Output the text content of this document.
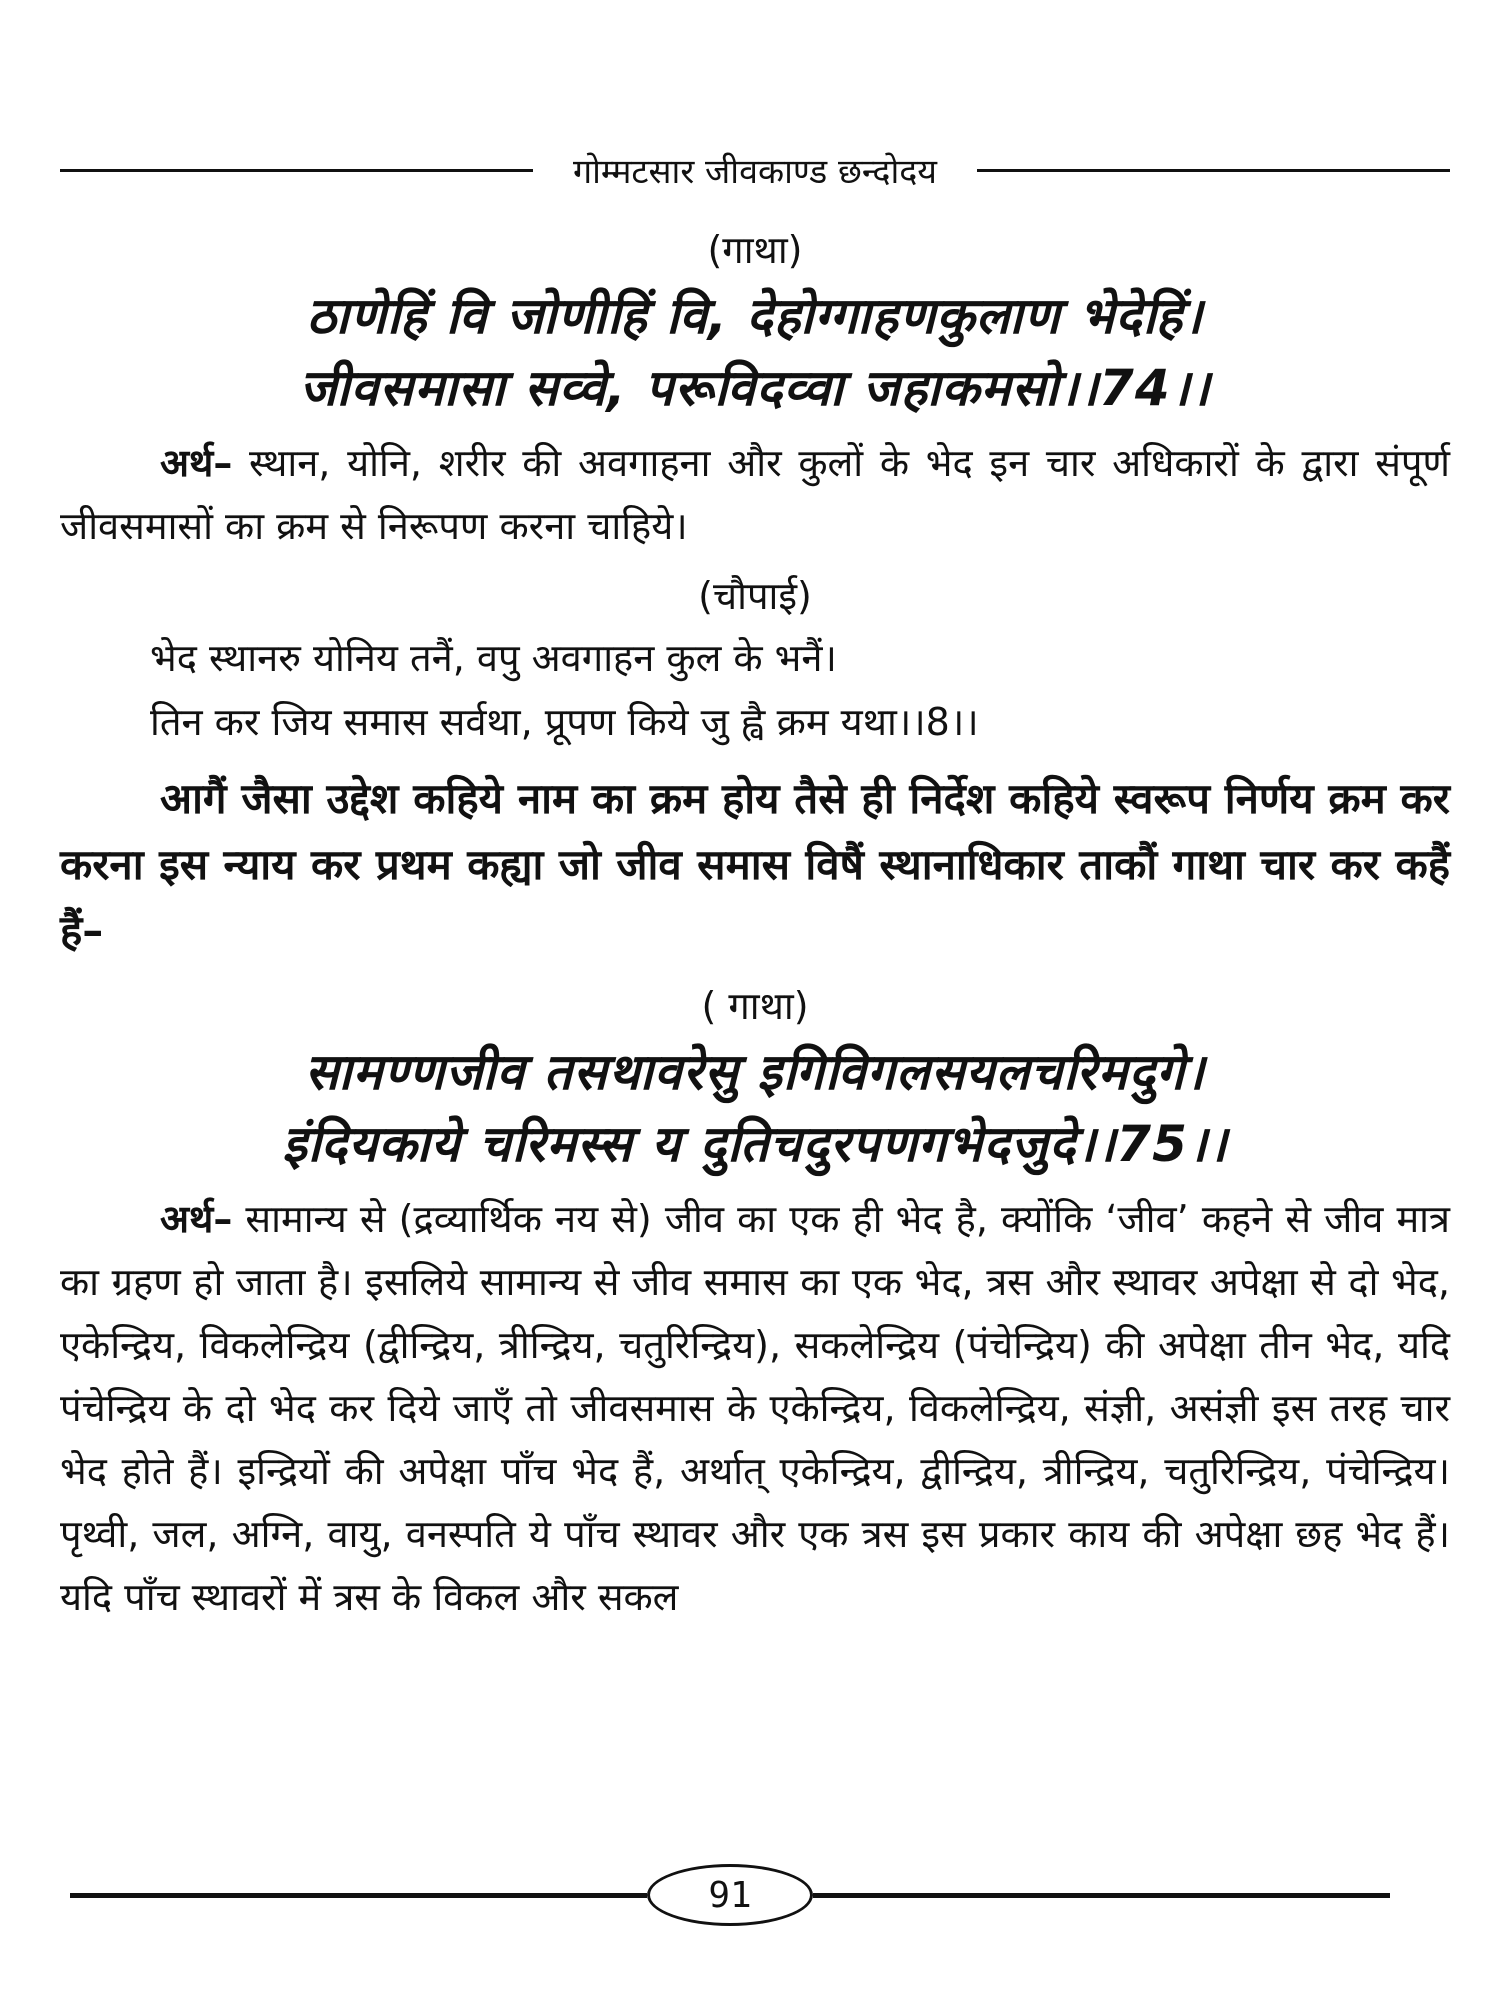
गोम्मटसार जीवकाण्ड छन्दोदय

(गाथा)

ठाणेहिं वि जोणीहिं वि, देहोग्गाहणकुलाण भेदेहिं।

जीवसमासा सव्वे, परूविदव्वा जहाकमसो।।74।।

अर्थ– स्थान, योनि, शरीर की अवगाहना और कुलों के भेद इन चार अधिकारों के द्वारा संपूर्ण जीवसमासों का क्रम से निरूपण करना चाहिये।

(चौपाई)

भेद स्थानरु योनिय तनैं, वपु अवगाहन कुल के भनैं।

तिन कर जिय समास सर्वथा, प्रूपण किये जु ह्वै क्रम यथा।।8।।

आगैं जैसा उद्देश कहिये नाम का क्रम होय तैसे ही निर्देश कहिये स्वरूप निर्णय क्रम कर करना इस न्याय कर प्रथम कह्या जो जीव समास विषैं स्थानाधिकार ताकौं गाथा चार कर कहैं हैं–

( गाथा)

सामण्णजीव तसथावरेसु इगिविगलसयलचरिमदुगे।

इंदियकाये चरिमस्स य दुतिचदुरपणगभेदजुदे।।75।।

अर्थ– सामान्य से (द्रव्यार्थिक नय से) जीव का एक ही भेद है, क्योंकि ‘जीव’ कहने से जीव मात्र का ग्रहण हो जाता है। इसलिये सामान्य से जीव समास का एक भेद, त्रस और स्थावर अपेक्षा से दो भेद, एकेन्द्रिय, विकलेन्द्रिय (द्वीन्द्रिय, त्रीन्द्रिय, चतुरिन्द्रिय), सकलेन्द्रिय (पंचेन्द्रिय) की अपेक्षा तीन भेद, यदि पंचेन्द्रिय के दो भेद कर दिये जाएँ तो जीवसमास के एकेन्द्रिय, विकलेन्द्रिय, संज्ञी, असंज्ञी इस तरह चार भेद होते हैं। इन्द्रियों की अपेक्षा पाँच भेद हैं, अर्थात् एकेन्द्रिय, द्वीन्द्रिय, त्रीन्द्रिय, चतुरिन्द्रिय, पंचेन्द्रिय। पृथ्वी, जल, अग्नि, वायु, वनस्पति ये पाँच स्थावर और एक त्रस इस प्रकार काय की अपेक्षा छह भेद हैं। यदि पाँच स्थावरों में त्रस के विकल और सकल

91
